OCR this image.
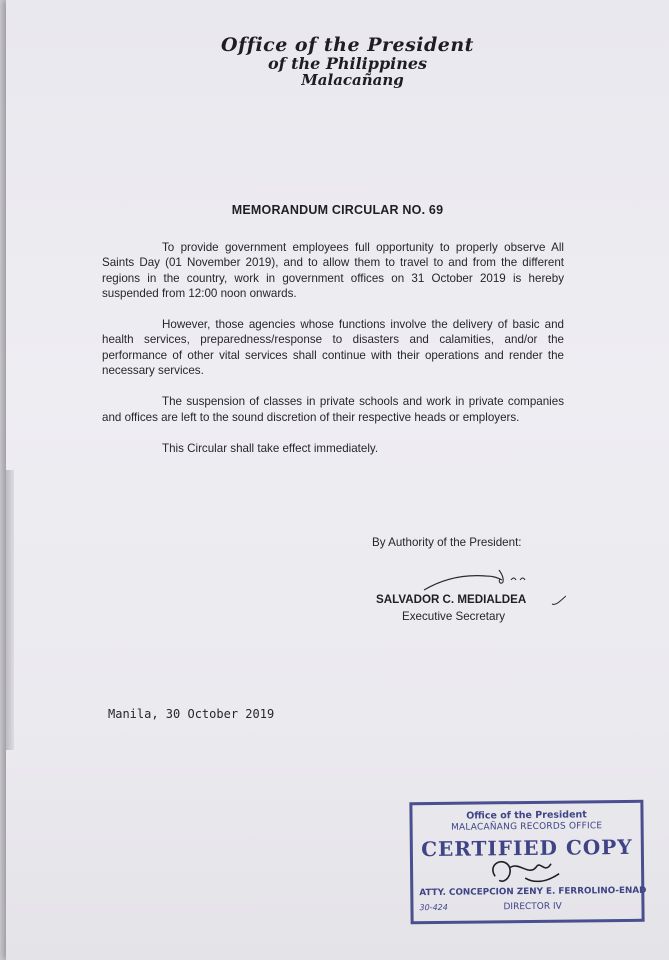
Office of the President
of the Philippines
Malacañang
MEMORANDUM CIRCULAR NO. 69

To provide government employees full opportunity to properly observe All Saints Day (01 November 2019), and to allow them to travel to and from the different regions in the country, work in government offices on 31 October 2019 is hereby suspended from 12:00 noon onwards.

However, those agencies whose functions involve the delivery of basic and health services, preparedness/response to disasters and calamities, and/or the performance of other vital services shall continue with their operations and render the necessary services.

The suspension of classes in private schools and work in private companies and offices are left to the sound discretion of their respective heads or employers.

This Circular shall take effect immediately.

By Authority of the President:
SALVADOR C. MEDIALDEA
Executive Secretary
Manila, 30 October 2019
Office of the President
MALACAÑANG RECORDS OFFICE
CERTIFIED COPY
ATTY. CONCEPCION ZENY E. FERROLINO-ENAD
30-424	DIRECTOR IV
